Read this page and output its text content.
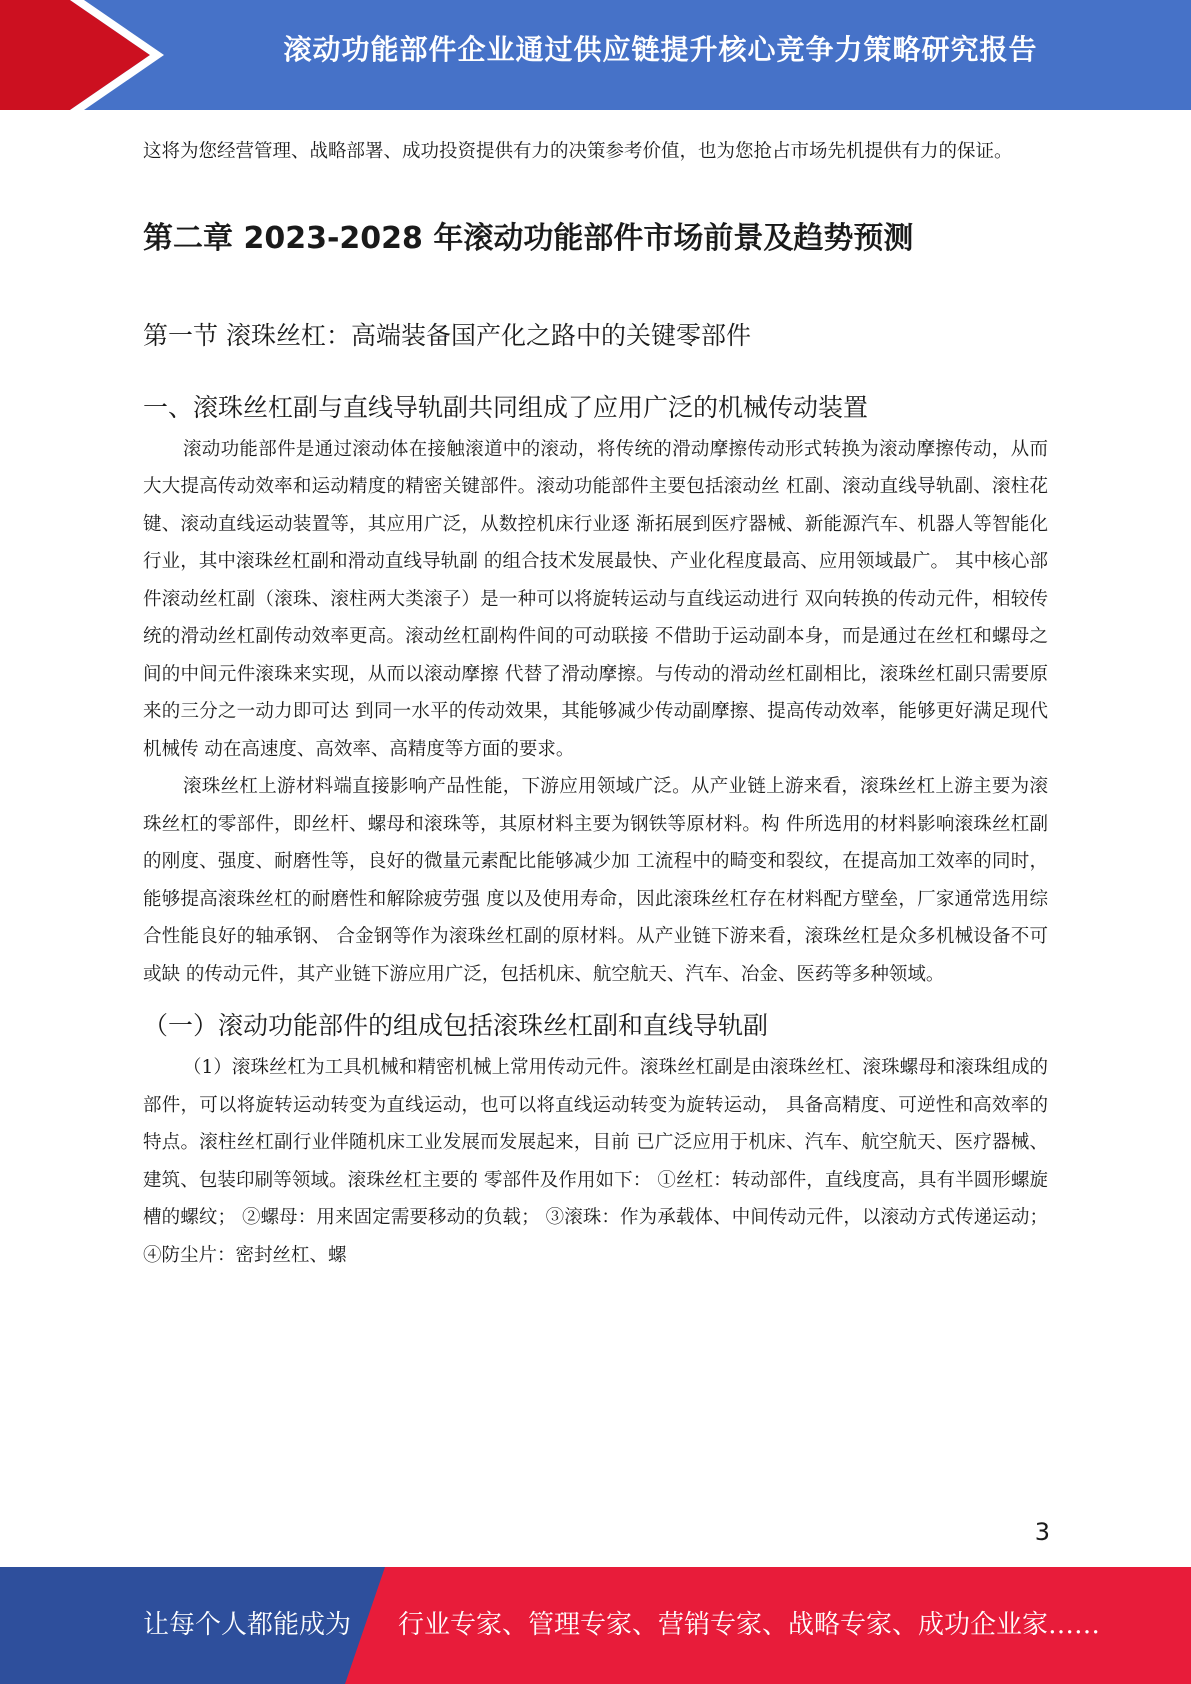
滚动功能部件企业通过供应链提升核心竞争力策略研究报告

这将为您经营管理、战略部署、成功投资提供有力的决策参考价值，也为您抢占市场先机提供有力的保证。

第二章 2023-2028 年滚动功能部件市场前景及趋势预测
第一节 滚珠丝杠：高端装备国产化之路中的关键零部件
一、滚珠丝杠副与直线导轨副共同组成了应用广泛的机械传动装置

滚动功能部件是通过滚动体在接触滚道中的滚动，将传统的滑动摩擦传动形式转换为滚动摩擦传动，从而大大提高传动效率和运动精度的精密关键部件。滚动功能部件主要包括滚动丝 杠副、滚动直线导轨副、滚柱花键、滚动直线运动装置等，其应用广泛，从数控机床行业逐 渐拓展到医疗器械、新能源汽车、机器人等智能化行业，其中滚珠丝杠副和滑动直线导轨副 的组合技术发展最快、产业化程度最高、应用领域最广。 其中核心部件滚动丝杠副（滚珠、滚柱两大类滚子）是一种可以将旋转运动与直线运动进行 双向转换的传动元件，相较传统的滑动丝杠副传动效率更高。滚动丝杠副构件间的可动联接 不借助于运动副本身，而是通过在丝杠和螺母之间的中间元件滚珠来实现，从而以滚动摩擦 代替了滑动摩擦。与传动的滑动丝杠副相比，滚珠丝杠副只需要原来的三分之一动力即可达 到同一水平的传动效果，其能够减少传动副摩擦、提高传动效率，能够更好满足现代机械传 动在高速度、高效率、高精度等方面的要求。

滚珠丝杠上游材料端直接影响产品性能，下游应用领域广泛。从产业链上游来看，滚珠丝杠上游主要为滚珠丝杠的零部件，即丝杆、螺母和滚珠等，其原材料主要为钢铁等原材料。构 件所选用的材料影响滚珠丝杠副的刚度、强度、耐磨性等，良好的微量元素配比能够减少加 工流程中的畸变和裂纹，在提高加工效率的同时，能够提高滚珠丝杠的耐磨性和解除疲劳强 度以及使用寿命，因此滚珠丝杠存在材料配方壁垒，厂家通常选用综合性能良好的轴承钢、 合金钢等作为滚珠丝杠副的原材料。从产业链下游来看，滚珠丝杠是众多机械设备不可或缺 的传动元件，其产业链下游应用广泛，包括机床、航空航天、汽车、冶金、医药等多种领域。

（一）滚动功能部件的组成包括滚珠丝杠副和直线导轨副

（1）滚珠丝杠为工具机械和精密机械上常用传动元件。滚珠丝杠副是由滚珠丝杠、滚珠螺母和滚珠组成的部件，可以将旋转运动转变为直线运动，也可以将直线运动转变为旋转运动， 具备高精度、可逆性和高效率的特点。滚柱丝杠副行业伴随机床工业发展而发展起来，目前 已广泛应用于机床、汽车、航空航天、医疗器械、建筑、包装印刷等领域。滚珠丝杠主要的 零部件及作用如下： ①丝杠：转动部件，直线度高，具有半圆形螺旋槽的螺纹； ②螺母：用来固定需要移动的负载； ③滚珠：作为承载体、中间传动元件，以滚动方式传递运动； ④防尘片：密封丝杠、螺

3
让每个人都能成为 行业专家、管理专家、营销专家、战略专家、成功企业家……
